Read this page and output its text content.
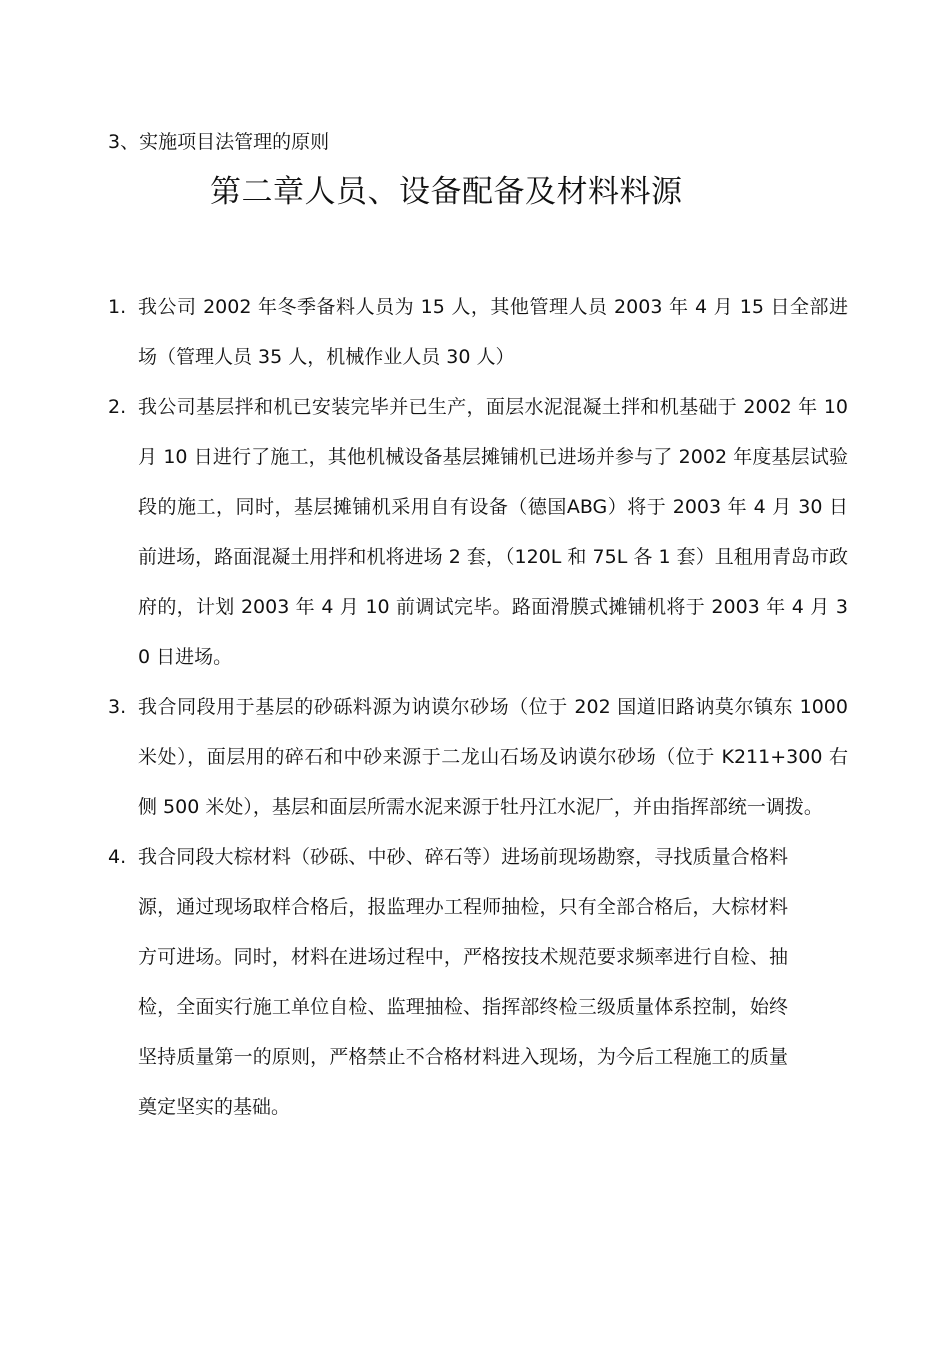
3、实施项目法管理的原则
第二章人员、设备配备及材料料源
1. 我公司 2002 年冬季备料人员为 15 人，其他管理人员 2003 年 4 月 15 日全部进场（管理人员 35 人，机械作业人员 30 人）
2. 我公司基层拌和机已安装完毕并已生产，面层水泥混凝土拌和机基础于 2002 年 10 月 10 日进行了施工，其他机械设备基层摊铺机已进场并参与了 2002 年度基层试验段的施工，同时，基层摊铺机采用自有设备（德国ABG）将于 2003 年 4 月 30 日前进场，路面混凝土用拌和机将进场 2 套，（120L 和 75L 各 1 套）且租用青岛市政府的，计划 2003 年 4 月 10 前调试完毕。路面滑膜式摊铺机将于 2003 年 4 月 30 日进场。
3. 我合同段用于基层的砂砾料源为讷谟尔砂场（位于 202 国道旧路讷莫尔镇东 1000 米处），面层用的碎石和中砂来源于二龙山石场及讷谟尔砂场（位于 K211+300 右侧 500 米处），基层和面层所需水泥来源于牡丹江水泥厂，并由指挥部统一调拨。
4. 我合同段大棕材料（砂砾、中砂、碎石等）进场前现场勘察，寻找质量合格料源，通过现场取样合格后，报监理办工程师抽检，只有全部合格后，大棕材料方可进场。同时，材料在进场过程中，严格按技术规范要求频率进行自检、抽检，全面实行施工单位自检、监理抽检、指挥部终检三级质量体系控制，始终坚持质量第一的原则，严格禁止不合格材料进入现场，为今后工程施工的质量奠定坚实的基础。
